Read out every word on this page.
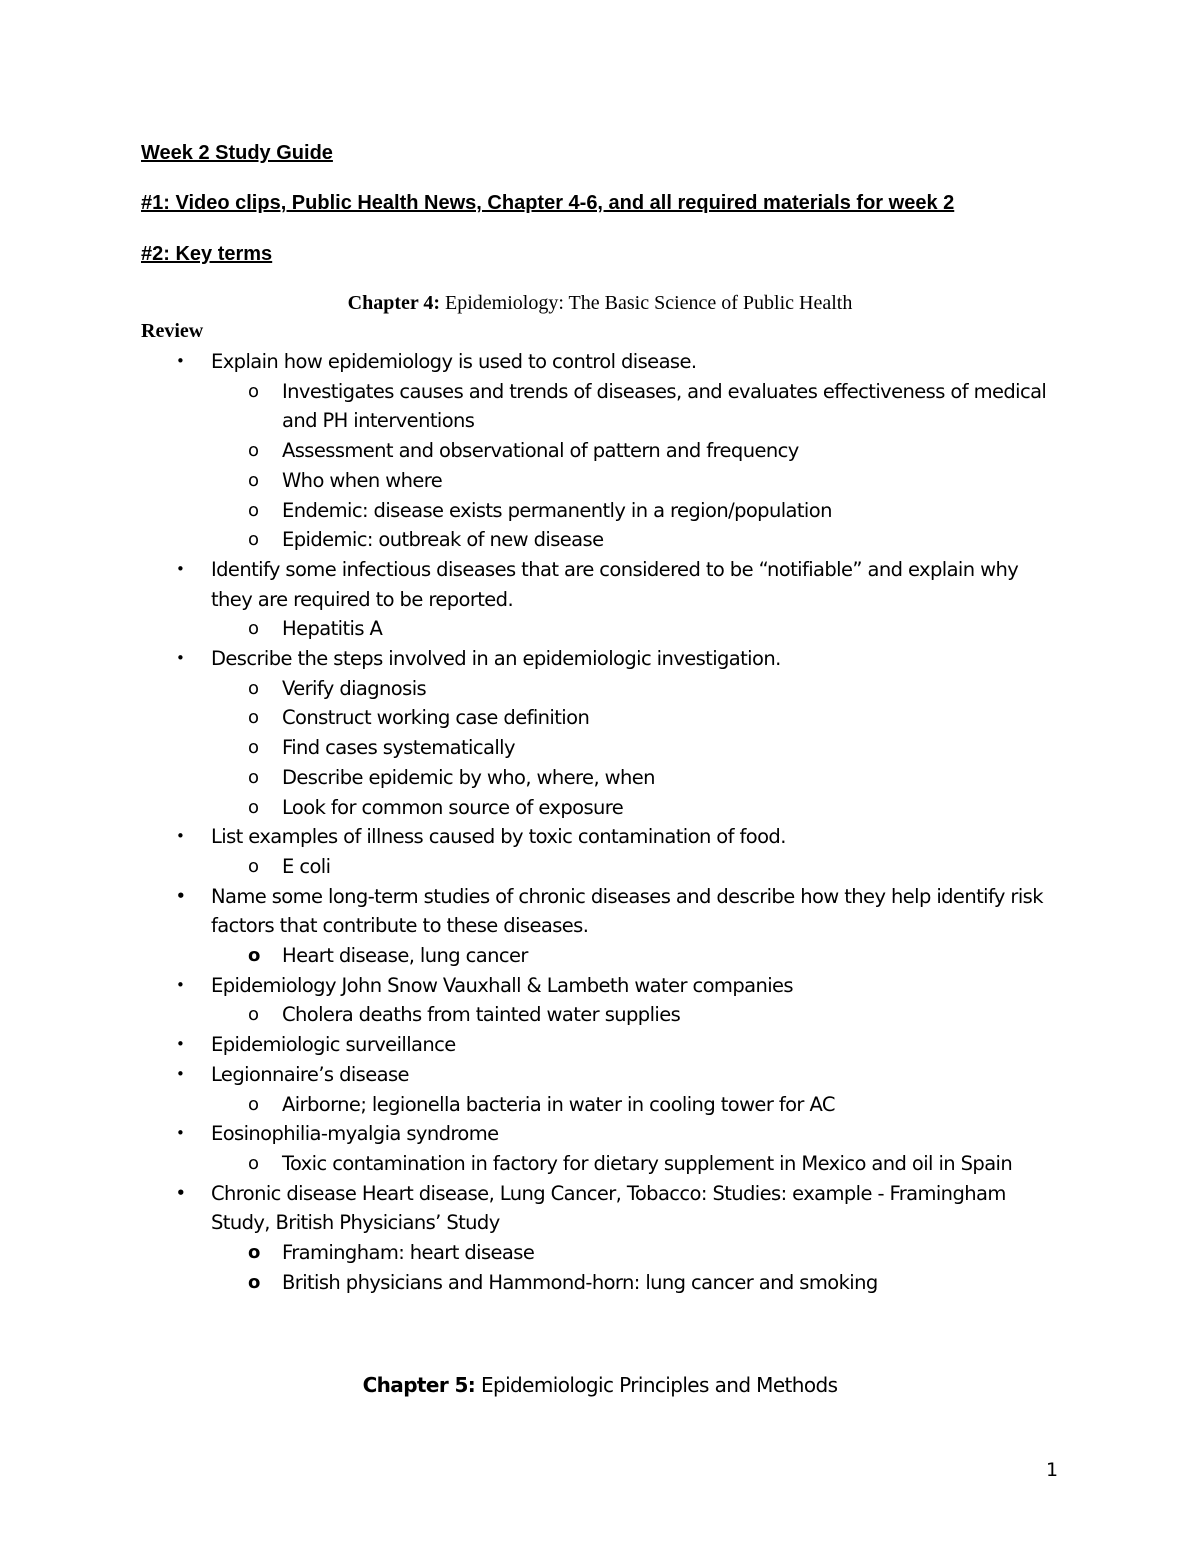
Week 2 Study Guide
#1: Video clips, Public Health News, Chapter 4-6, and all required materials for week 2
#2: Key terms
Chapter 4: Epidemiology: The Basic Science of Public Health
Review
• Explain how epidemiology is used to control disease.
o Investigates causes and trends of diseases, and evaluates effectiveness of medical and PH interventions
o Assessment and observational of pattern and frequency
o Who when where
o Endemic: disease exists permanently in a region/population
o Epidemic: outbreak of new disease
• Identify some infectious diseases that are considered to be “notifiable” and explain why they are required to be reported.
o Hepatitis A
• Describe the steps involved in an epidemiologic investigation.
o Verify diagnosis
o Construct working case definition
o Find cases systematically
o Describe epidemic by who, where, when
o Look for common source of exposure
• List examples of illness caused by toxic contamination of food.
o E coli
• Name some long-term studies of chronic diseases and describe how they help identify risk factors that contribute to these diseases.
o Heart disease, lung cancer
• Epidemiology John Snow Vauxhall & Lambeth water companies
o Cholera deaths from tainted water supplies
• Epidemiologic surveillance
• Legionnaire’s disease
o Airborne; legionella bacteria in water in cooling tower for AC
• Eosinophilia-myalgia syndrome
o Toxic contamination in factory for dietary supplement in Mexico and oil in Spain
• Chronic disease Heart disease, Lung Cancer, Tobacco: Studies: example - Framingham Study, British Physicians’ Study
o Framingham: heart disease
o British physicians and Hammond-horn: lung cancer and smoking
Chapter 5: Epidemiologic Principles and Methods
1
